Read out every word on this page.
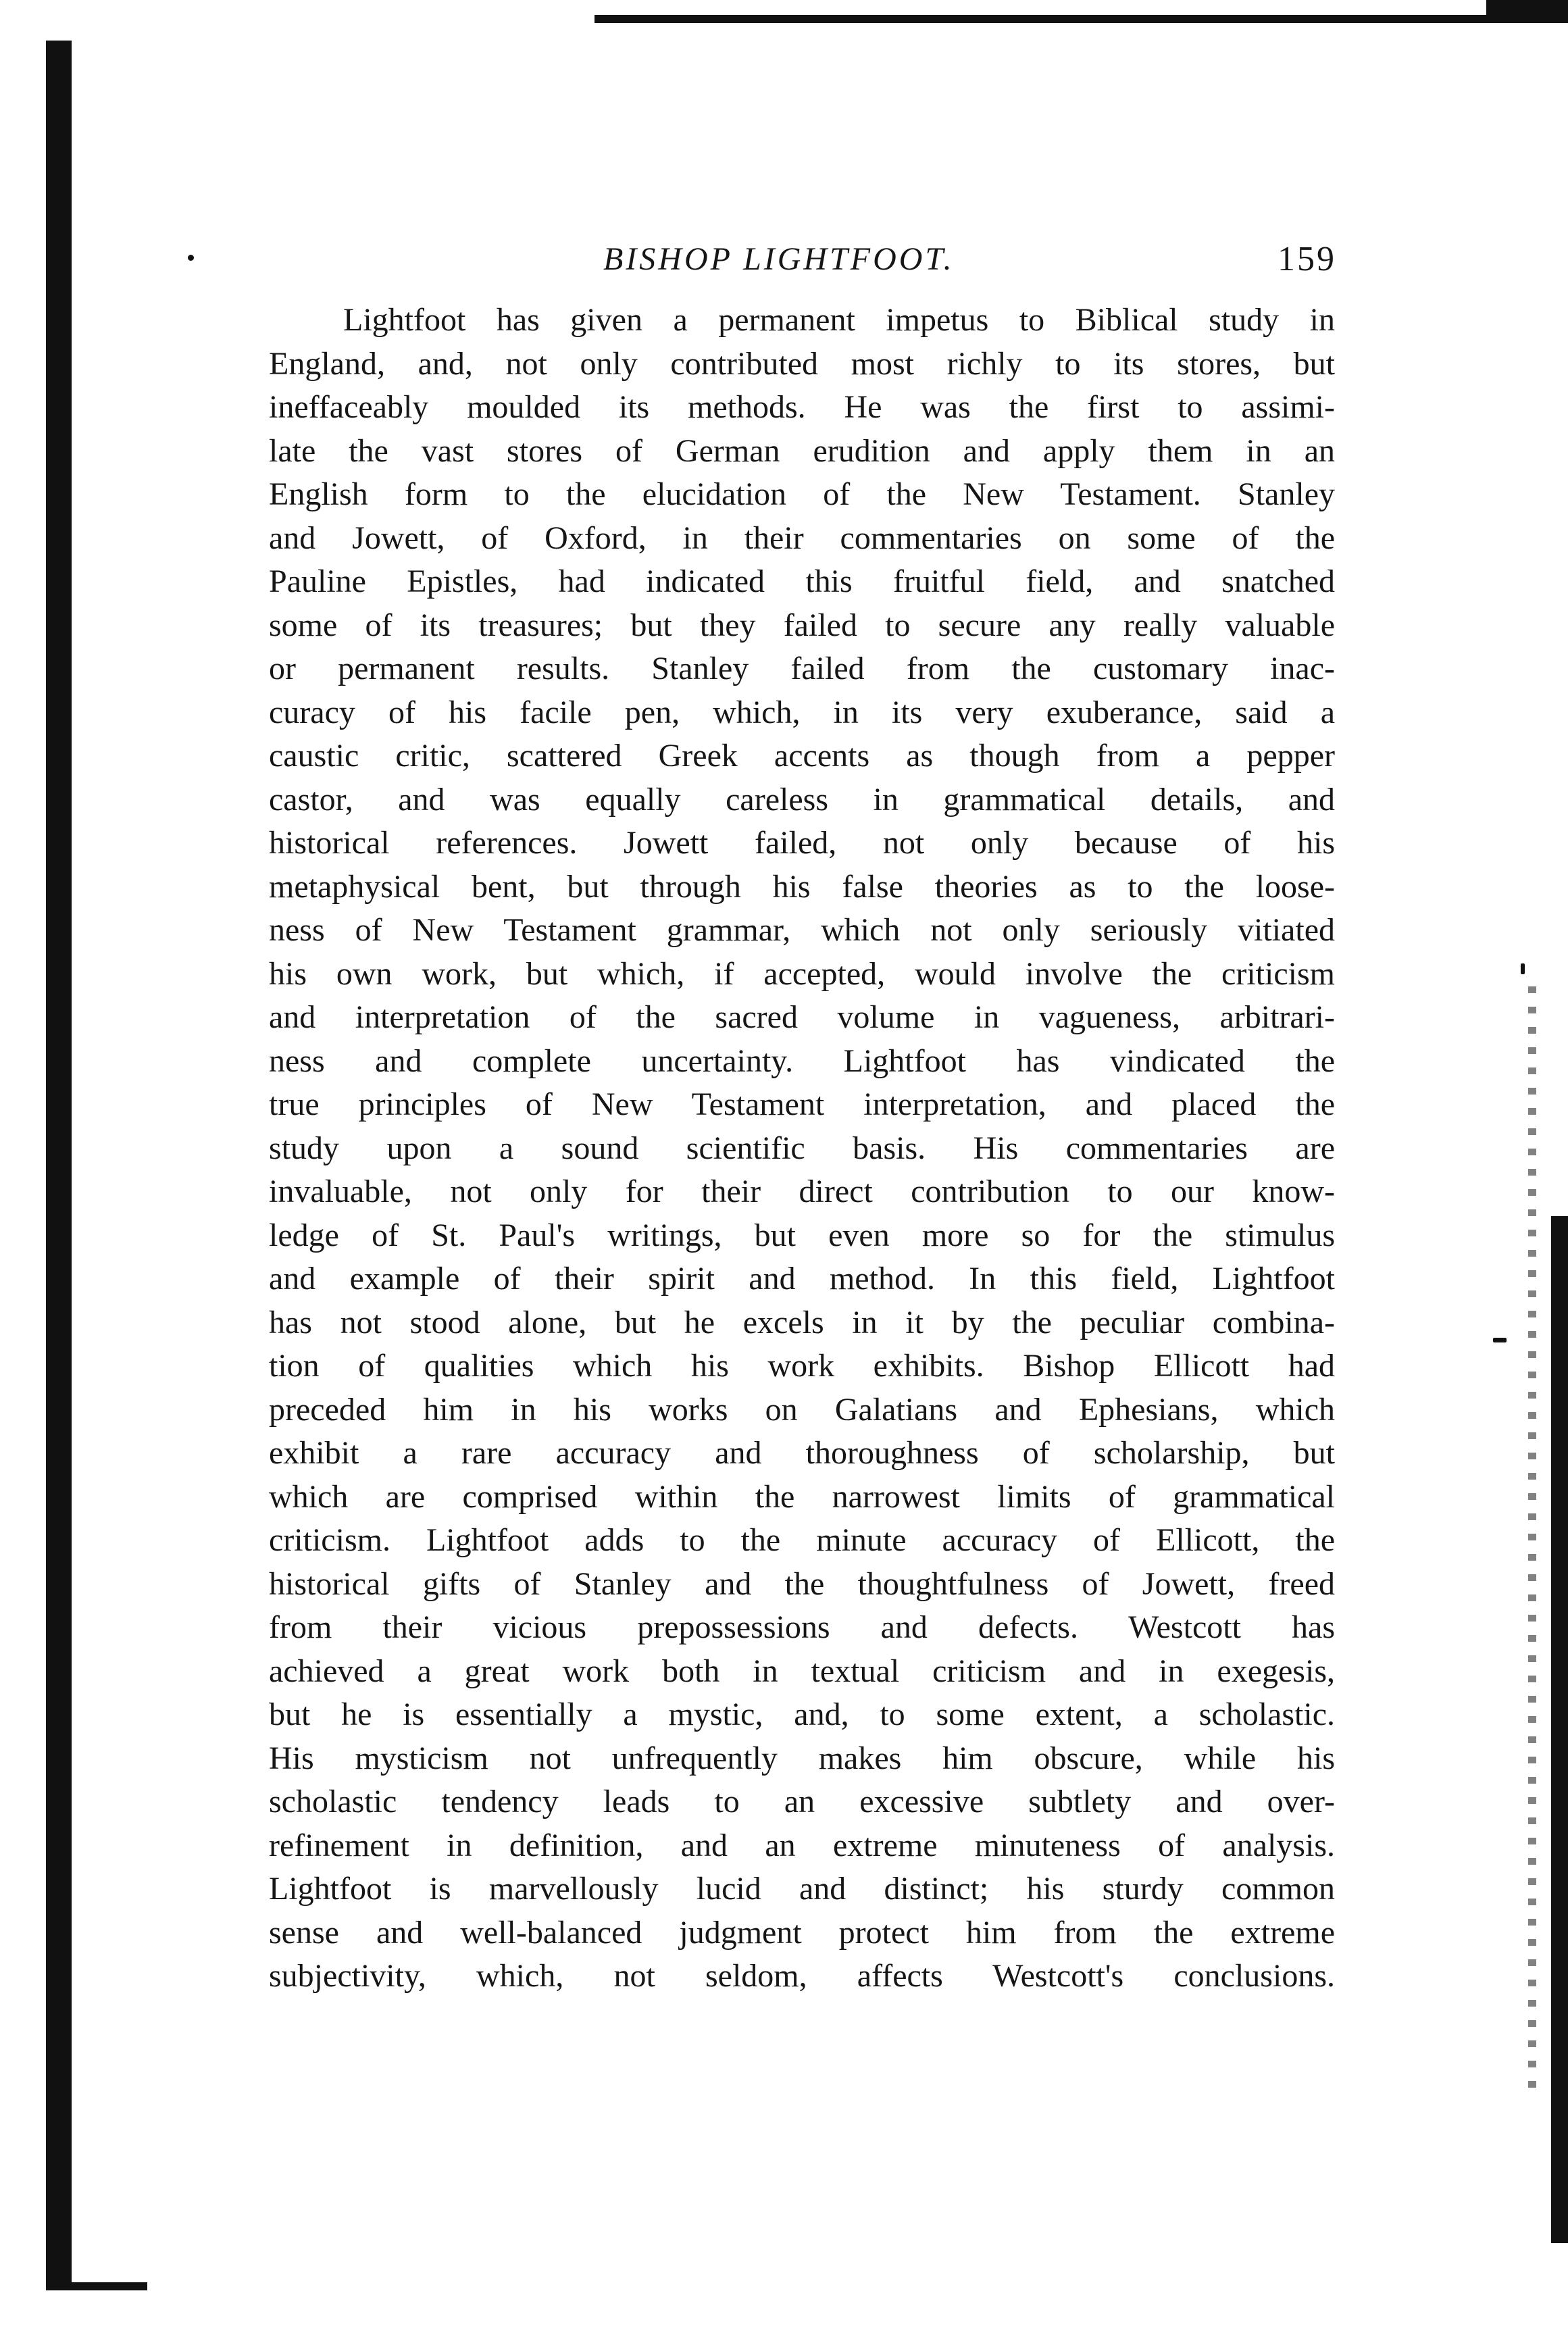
BISHOP LIGHTFOOT.	159
Lightfoot has given a permanent impetus to Biblical study in
England, and, not only contributed most richly to its stores, but
ineffaceably moulded its methods. He was the first to assimi-
late the vast stores of German erudition and apply them in an
English form to the elucidation of the New Testament. Stanley
and Jowett, of Oxford, in their commentaries on some of the
Pauline Epistles, had indicated this fruitful field, and snatched
some of its treasures; but they failed to secure any really valuable
or permanent results. Stanley failed from the customary inac-
curacy of his facile pen, which, in its very exuberance, said a
caustic critic, scattered Greek accents as though from a pepper
castor, and was equally careless in grammatical details, and
historical references. Jowett failed, not only because of his
metaphysical bent, but through his false theories as to the loose-
ness of New Testament grammar, which not only seriously vitiated
his own work, but which, if accepted, would involve the criticism
and interpretation of the sacred volume in vagueness, arbitrari-
ness and complete uncertainty. Lightfoot has vindicated the
true principles of New Testament interpretation, and placed the
study upon a sound scientific basis. His commentaries are
invaluable, not only for their direct contribution to our know-
ledge of St. Paul's writings, but even more so for the stimulus
and example of their spirit and method. In this field, Lightfoot
has not stood alone, but he excels in it by the peculiar combina-
tion of qualities which his work exhibits. Bishop Ellicott had
preceded him in his works on Galatians and Ephesians, which
exhibit a rare accuracy and thoroughness of scholarship, but
which are comprised within the narrowest limits of grammatical
criticism. Lightfoot adds to the minute accuracy of Ellicott, the
historical gifts of Stanley and the thoughtfulness of Jowett, freed
from their vicious prepossessions and defects. Westcott has
achieved a great work both in textual criticism and in exegesis,
but he is essentially a mystic, and, to some extent, a scholastic.
His mysticism not unfrequently makes him obscure, while his
scholastic tendency leads to an excessive subtlety and over-
refinement in definition, and an extreme minuteness of analysis.
Lightfoot is marvellously lucid and distinct; his sturdy common
sense and well-balanced judgment protect him from the extreme
subjectivity, which, not seldom, affects Westcott's conclusions.
